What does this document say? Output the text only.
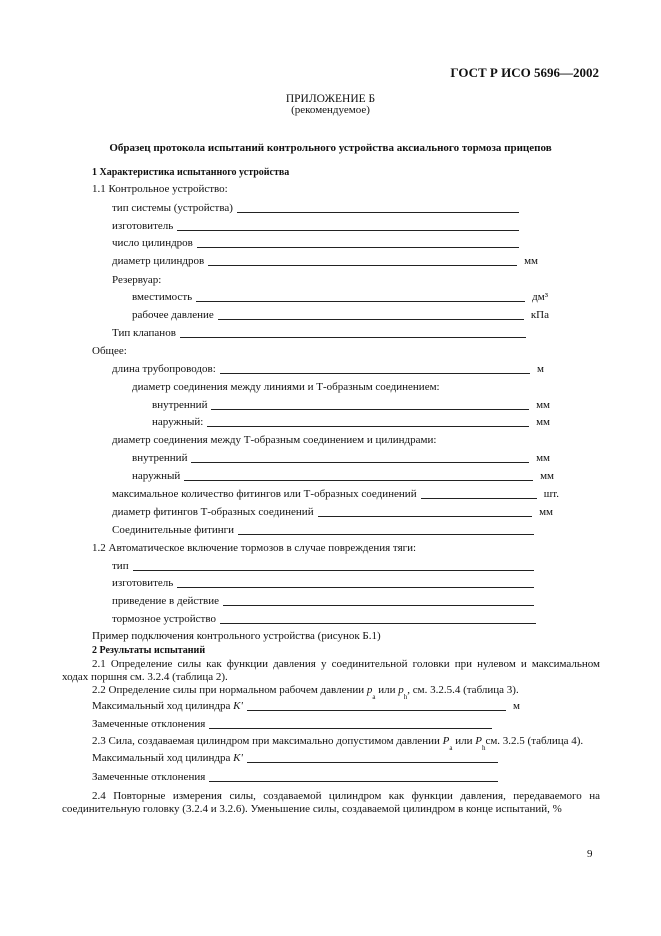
ГОСТ Р ИСО 5696—2002
ПРИЛОЖЕНИЕ Б
(рекомендуемое)
Образец протокола испытаний контрольного устройства аксиального тормоза прицепов
1 Характеристика испытанного устройства
1.1 Контрольное устройство:
тип системы (устройства)
изготовитель
число цилиндров
диаметр цилиндров	мм
Резервуар:
вместимость	дм³
рабочее давление	кПа
Тип клапанов
Общее:
длина трубопроводов:	м
диаметр соединения между линиями и Т-образным соединением:
внутренний	мм
наружный:	мм
диаметр соединения между Т-образным соединением и цилиндрами:
внутренний	мм
наружный	мм
максимальное количество фитингов или Т-образных соединений	шт.
диаметр фитингов Т-образных соединений	мм
Соединительные фитинги
1.2 Автоматическое включение тормозов в случае повреждения тяги:
тип
изготовитель
приведение в действие
тормозное устройство
Пример подключения контрольного устройства (рисунок Б.1)
2 Результаты испытаний
2.1 Определение силы как функции давления у соединительной головки при нулевом и максимальном ходах поршня см. 3.2.4 (таблица 2).
2.2 Определение силы при нормальном рабочем давлении
p
a
или p
h
, см. 3.2.5.4 (таблица 3).
Максимальный ход цилиндра
K'	м
Замеченные отклонения
2.3 Сила, создаваемая цилиндром при максимально допустимом давлении
P
a
или P
h
см. 3.2.5 (таблица 4).
Максимальный ход цилиндра
K'
Замеченные отклонения
2.4 Повторные измерения силы, создаваемой цилиндром как функции давления, передаваемого на соединительную головку (3.2.4 и 3.2.6). Уменьшение силы, создаваемой цилиндром в конце испытаний, %
9
